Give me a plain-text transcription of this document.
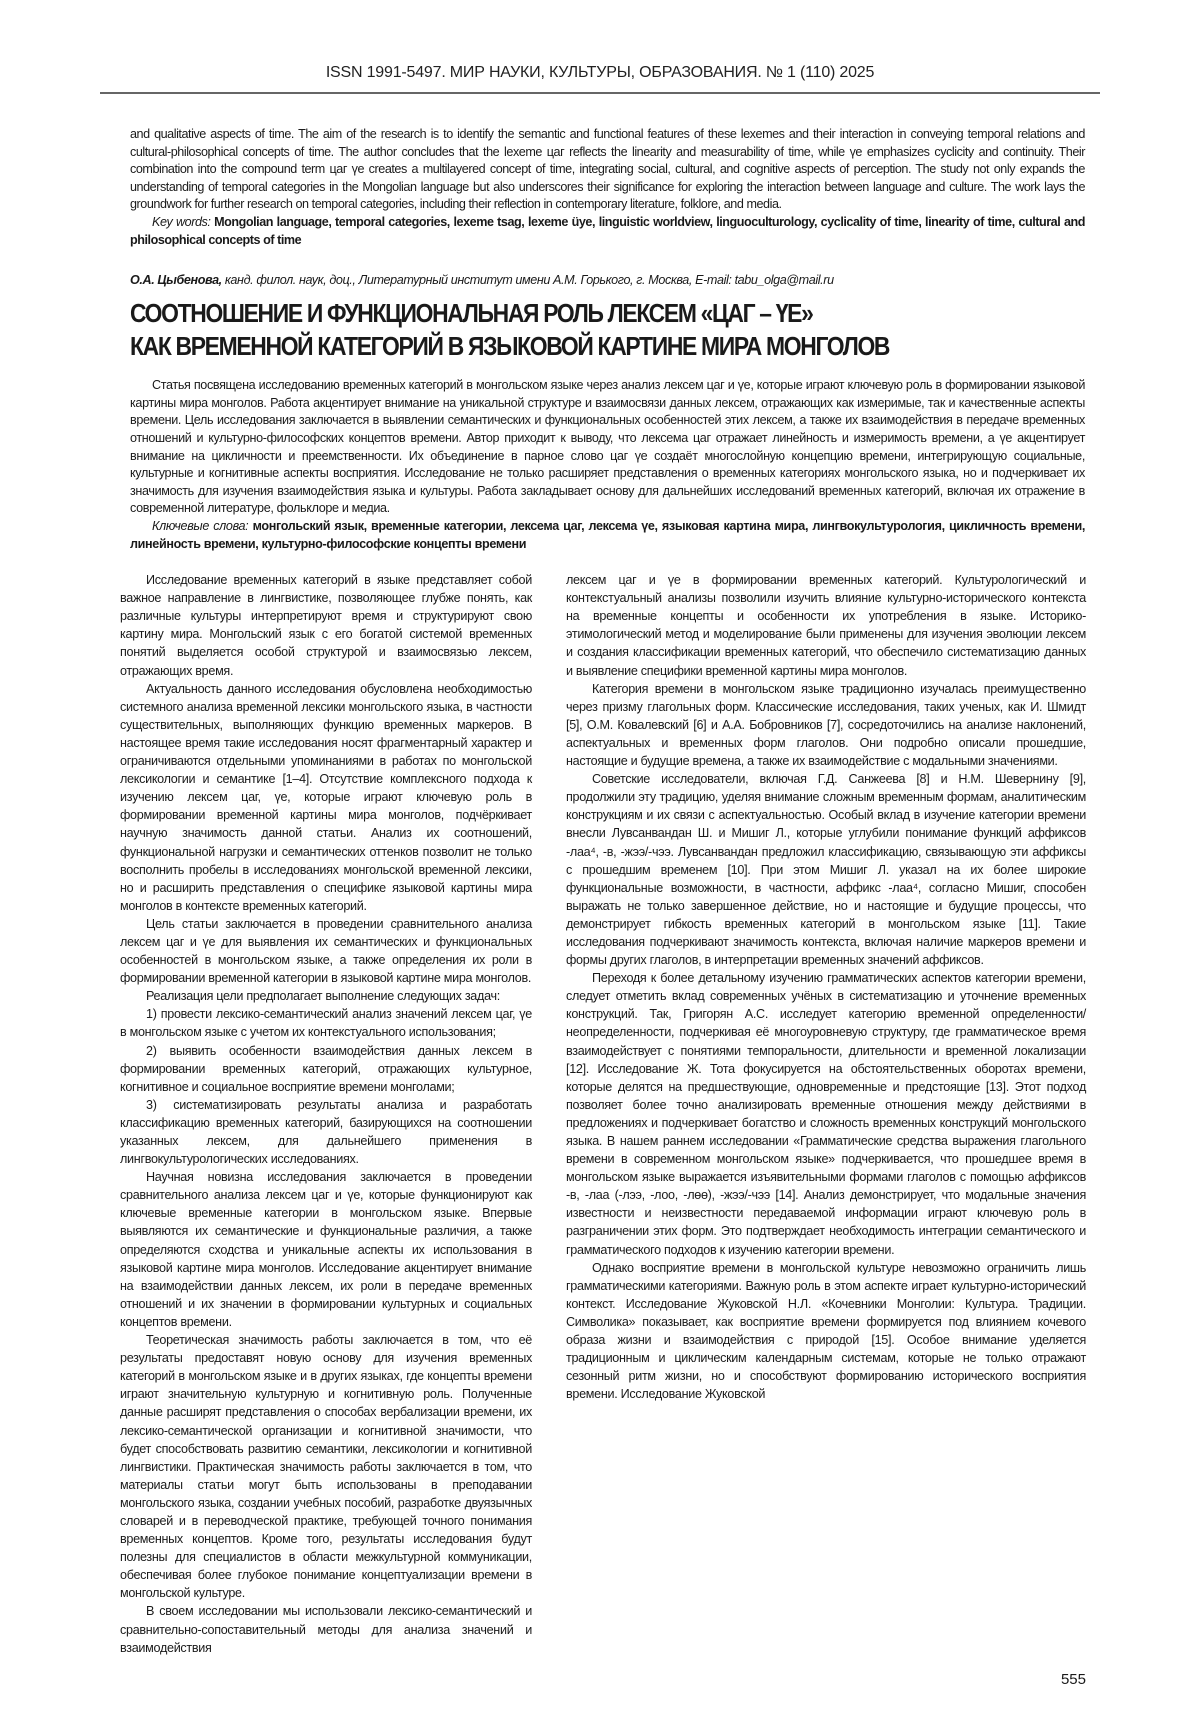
ISSN 1991-5497. МИР НАУКИ, КУЛЬТУРЫ, ОБРАЗОВАНИЯ. № 1 (110) 2025

and qualitative aspects of time. The aim of the research is to identify the semantic and functional features of these lexemes and their interaction in conveying temporal relations and cultural-philosophical concepts of time. The author concludes that the lexeme цаг reflects the linearity and measurability of time, while үе emphasizes cyclicity and continuity. Their combination into the compound term цаг үе creates a multilayered concept of time, integrating social, cultural, and cognitive aspects of perception. The study not only expands the understanding of temporal categories in the Mongolian language but also underscores their significance for exploring the interaction between language and culture. The work lays the groundwork for further research on temporal categories, including their reflection in contemporary literature, folklore, and media.

Key words: Mongolian language, temporal categories, lexeme tsag, lexeme üye, linguistic worldview, linguoculturology, cyclicality of time, linearity of time, cultural and philosophical concepts of time

О.А. Цыбенова, канд. филол. наук, доц., Литературный институт имени А.М. Горького, г. Москва, E-mail: tabu_olga@mail.ru
СООТНОШЕНИЕ И ФУНКЦИОНАЛЬНАЯ РОЛЬ ЛЕКСЕМ «ЦАГ – ҮЕ»
КАК ВРЕМЕННОЙ КАТЕГОРИЙ В ЯЗЫКОВОЙ КАРТИНЕ МИРА МОНГОЛОВ

Статья посвящена исследованию временных категорий в монгольском языке через анализ лексем цаг и үе, которые играют ключевую роль в формировании языковой картины мира монголов. Работа акцентирует внимание на уникальной структуре и взаимосвязи данных лексем, отражающих как измеримые, так и качественные аспекты времени. Цель исследования заключается в выявлении семантических и функциональных особенностей этих лексем, а также их взаимодействия в передаче временных отношений и культурно-философских концептов времени. Автор приходит к выводу, что лексема цаг отражает линейность и измеримость времени, а үе акцентирует внимание на цикличности и преемственности. Их объединение в парное слово цаг үе создаёт многослойную концепцию времени, интегрирующую социальные, культурные и когнитивные аспекты восприятия. Исследование не только расширяет представления о временных категориях монгольского языка, но и подчеркивает их значимость для изучения взаимодействия языка и культуры. Работа закладывает основу для дальнейших исследований временных категорий, включая их отражение в современной литературе, фольклоре и медиа.

Ключевые слова: монгольский язык, временные категории, лексема цаг, лексема үе, языковая картина мира, лингвокультурология, цикличность времени, линейность времени, культурно-философские концепты времени

Исследование временных категорий в языке представляет собой важное направление в лингвистике, позволяющее глубже понять, как различные культуры интерпретируют время и структурируют свою картину мира. Монгольский язык с его богатой системой временных понятий выделяется особой структурой и взаимосвязью лексем, отражающих время.

Актуальность данного исследования обусловлена необходимостью системного анализа временной лексики монгольского языка, в частности существительных, выполняющих функцию временных маркеров. В настоящее время такие исследования носят фрагментарный характер и ограничиваются отдельными упоминаниями в работах по монгольской лексикологии и семантике [1–4]. Отсутствие комплексного подхода к изучению лексем цаг, үе, которые играют ключевую роль в формировании временной картины мира монголов, подчёркивает научную значимость данной статьи. Анализ их соотношений, функциональной нагрузки и семантических оттенков позволит не только восполнить пробелы в исследованиях монгольской временной лексики, но и расширить представления о специфике языковой картины мира монголов в контексте временных категорий.

Цель статьи заключается в проведении сравнительного анализа лексем цаг и үе для выявления их семантических и функциональных особенностей в монгольском языке, а также определения их роли в формировании временной категории в языковой картине мира монголов.

Реализация цели предполагает выполнение следующих задач:

1) провести лексико-семантический анализ значений лексем цаг, үе в монгольском языке с учетом их контекстуального использования;

2) выявить особенности взаимодействия данных лексем в формировании временных категорий, отражающих культурное, когнитивное и социальное восприятие времени монголами;

3) систематизировать результаты анализа и разработать классификацию временных категорий, базирующихся на соотношении указанных лексем, для дальнейшего применения в лингвокультурологических исследованиях.

Научная новизна исследования заключается в проведении сравнительного анализа лексем цаг и үе, которые функционируют как ключевые временные категории в монгольском языке. Впервые выявляются их семантические и функциональные различия, а также определяются сходства и уникальные аспекты их использования в языковой картине мира монголов. Исследование акцентирует внимание на взаимодействии данных лексем, их роли в передаче временных отношений и их значении в формировании культурных и социальных концептов времени.

Теоретическая значимость работы заключается в том, что её результаты предоставят новую основу для изучения временных категорий в монгольском языке и в других языках, где концепты времени играют значительную культурную и когнитивную роль. Полученные данные расширят представления о способах вербализации времени, их лексико-семантической организации и когнитивной значимости, что будет способствовать развитию семантики, лексикологии и когнитивной лингвистики. Практическая значимость работы заключается в том, что материалы статьи могут быть использованы в преподавании монгольского языка, создании учебных пособий, разработке двуязычных словарей и в переводческой практике, требующей точного понимания временных концептов. Кроме того, результаты исследования будут полезны для специалистов в области межкультурной коммуникации, обеспечивая более глубокое понимание концептуализации времени в монгольской культуре.

В своем исследовании мы использовали лексико-семантический и сравнительно-сопоставительный методы для анализа значений и взаимодействия

лексем цаг и үе в формировании временных категорий. Культурологический и контекстуальный анализы позволили изучить влияние культурно-исторического контекста на временные концепты и особенности их употребления в языке. Историко-этимологический метод и моделирование были применены для изучения эволюции лексем и создания классификации временных категорий, что обеспечило систематизацию данных и выявление специфики временной картины мира монголов.

Категория времени в монгольском языке традиционно изучалась преимущественно через призму глагольных форм. Классические исследования, таких ученых, как И. Шмидт [5], О.М. Ковалевский [6] и А.А. Бобровников [7], сосредоточились на анализе наклонений, аспектуальных и временных форм глаголов. Они подробно описали прошедшие, настоящие и будущие времена, а также их взаимодействие с модальными значениями.

Советские исследователи, включая Г.Д. Санжеева [8] и Н.М. Шевернину [9], продолжили эту традицию, уделяя внимание сложным временным формам, аналитическим конструкциям и их связи с аспектуальностью. Особый вклад в изучение категории времени внесли Лувсанвандан Ш. и Мишиг Л., которые углубили понимание функций аффиксов -лаа⁴, -в, -жээ/-чээ. Лувсанвандан предложил классификацию, связывающую эти аффиксы с прошедшим временем [10]. При этом Мишиг Л. указал на их более широкие функциональные возможности, в частности, аффикс -лаа⁴, согласно Мишиг, способен выражать не только завершенное действие, но и настоящие и будущие процессы, что демонстрирует гибкость временных категорий в монгольском языке [11]. Такие исследования подчеркивают значимость контекста, включая наличие маркеров времени и формы других глаголов, в интерпретации временных значений аффиксов.

Переходя к более детальному изучению грамматических аспектов категории времени, следует отметить вклад современных учёных в систематизацию и уточнение временных конструкций. Так, Григорян А.С. исследует категорию временной определенности/неопределенности, подчеркивая её многоуровневую структуру, где грамматическое время взаимодействует с понятиями темпоральности, длительности и временной локализации [12]. Исследование Ж. Тота фокусируется на обстоятельственных оборотах времени, которые делятся на предшествующие, одновременные и предстоящие [13]. Этот подход позволяет более точно анализировать временные отношения между действиями в предложениях и подчеркивает богатство и сложность временных конструкций монгольского языка. В нашем раннем исследовании «Грамматические средства выражения глагольного времени в современном монгольском языке» подчеркивается, что прошедшее время в монгольском языке выражается изъявительными формами глаголов с помощью аффиксов -в, -лаа (-лээ, -лоо, -лөө), -жээ/-чээ [14]. Анализ демонстрирует, что модальные значения известности и неизвестности передаваемой информации играют ключевую роль в разграничении этих форм. Это подтверждает необходимость интеграции семантического и грамматического подходов к изучению категории времени.

Однако восприятие времени в монгольской культуре невозможно ограничить лишь грамматическими категориями. Важную роль в этом аспекте играет культурно-исторический контекст. Исследование Жуковской Н.Л. «Кочевники Монголии: Культура. Традиции. Символика» показывает, как восприятие времени формируется под влиянием кочевого образа жизни и взаимодействия с природой [15]. Особое внимание уделяется традиционным и циклическим календарным системам, которые не только отражают сезонный ритм жизни, но и способствуют формированию исторического восприятия времени. Исследование Жуковской

555
